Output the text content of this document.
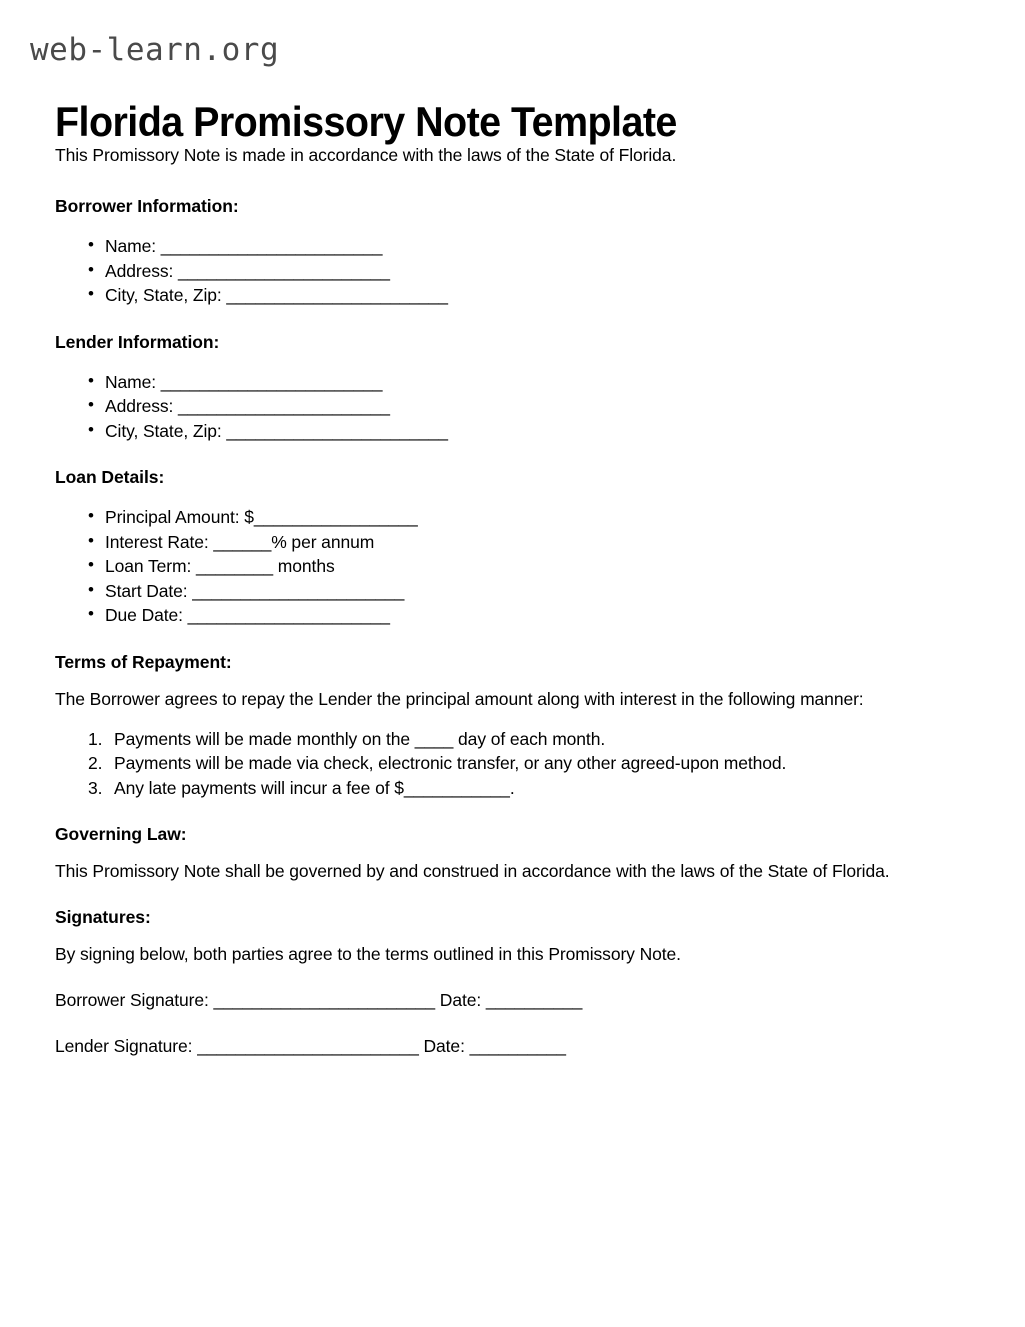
web-learn.org
Florida Promissory Note Template

This Promissory Note is made in accordance with the laws of the State of Florida.

Borrower Information:
• Name: _______________________
• Address: ______________________
• City, State, Zip: _______________________
Lender Information:
• Name: _______________________
• Address: ______________________
• City, State, Zip: _______________________
Loan Details:
• Principal Amount: $_________________
• Interest Rate: ______% per annum
• Loan Term: ________ months
• Start Date: ______________________
• Due Date: _____________________
Terms of Repayment:

The Borrower agrees to repay the Lender the principal amount along with interest in the following manner:

Payments will be made monthly on the ____ day of each month.
Payments will be made via check, electronic transfer, or any other agreed-upon method.
Any late payments will incur a fee of $___________.
Governing Law:

This Promissory Note shall be governed by and construed in accordance with the laws of the State of Florida.

Signatures:

By signing below, both parties agree to the terms outlined in this Promissory Note.

Borrower Signature: _______________________ Date: __________
Lender Signature: _______________________ Date: __________
